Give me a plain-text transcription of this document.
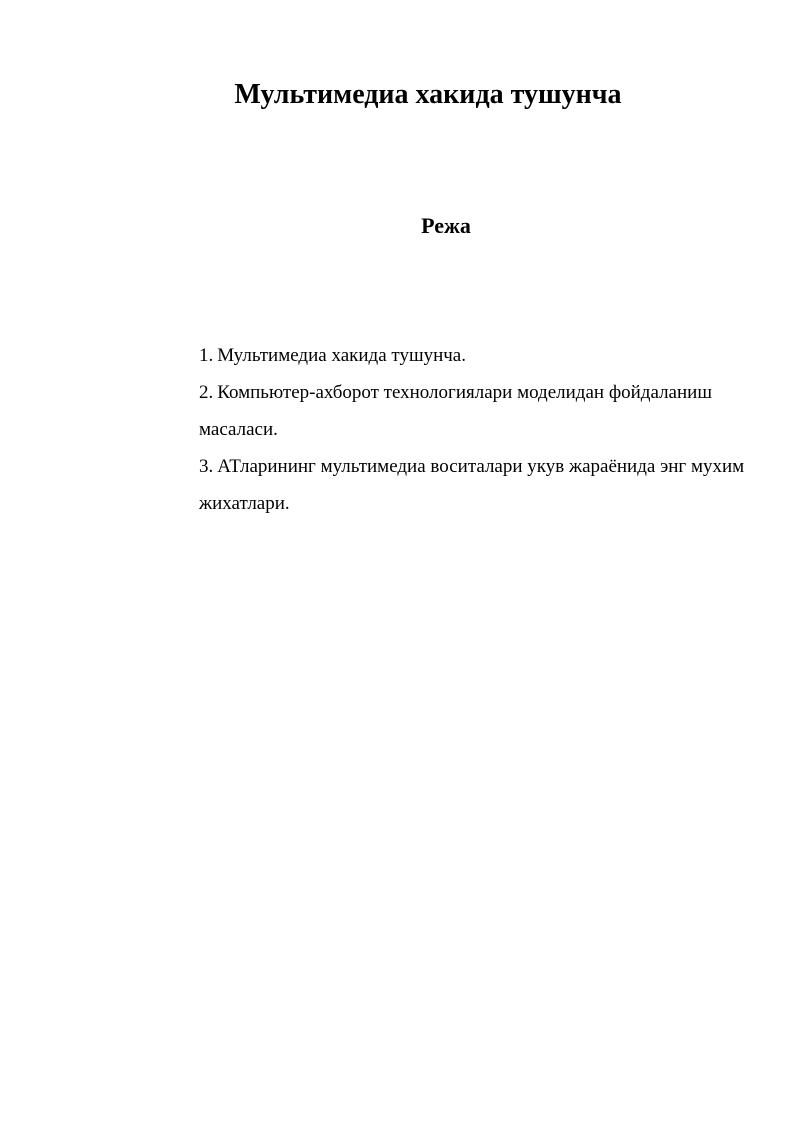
Мультимедиа хакида тушунча
Режа
1. Мультимедиа хакида тушунча.
2. Компьютер-ахборот технологиялари моделидан фойдаланиш масаласи.
3. АТларининг мультимедиа воситалари укув жараёнида энг мухим жихатлари.
